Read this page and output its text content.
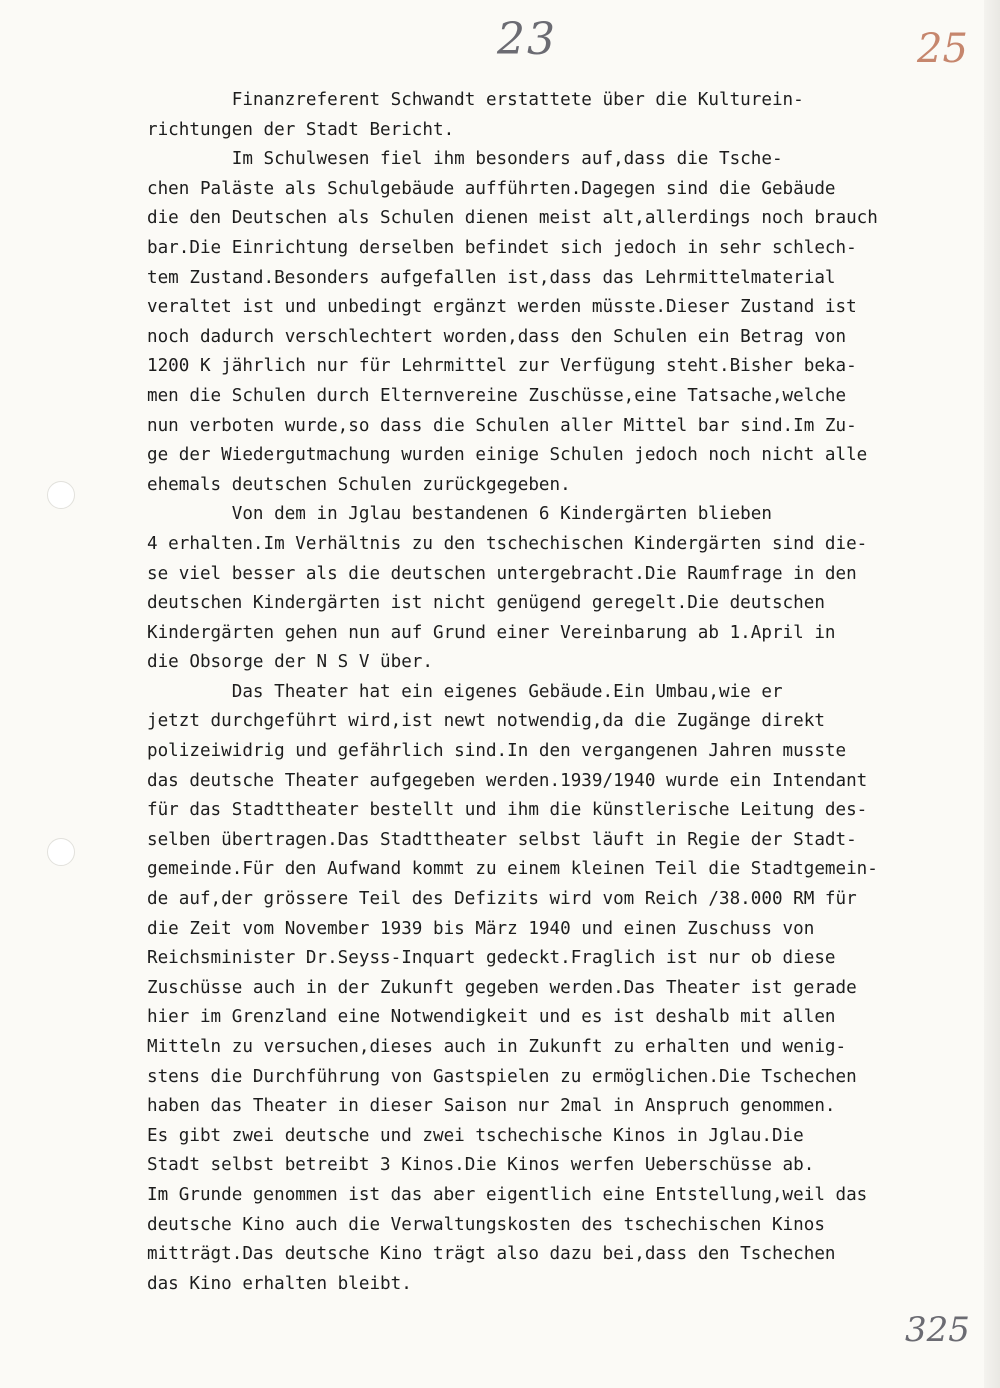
23	25
325
Finanzreferent Schwandt erstattete über die Kulturein-
richtungen der Stadt Bericht.
Im Schulwesen fiel ihm besonders auf,dass die Tsche-
chen Paläste als Schulgebäude aufführten.Dagegen sind die Gebäude
die den Deutschen als Schulen dienen meist alt,allerdings noch brauch
bar.Die Einrichtung derselben befindet sich jedoch in sehr schlech-
tem Zustand.Besonders aufgefallen ist,dass das Lehrmittelmaterial
veraltet ist und unbedingt ergänzt werden müsste.Dieser Zustand ist
noch dadurch verschlechtert worden,dass den Schulen ein Betrag von
1200 K jährlich nur für Lehrmittel zur Verfügung steht.Bisher beka-
men die Schulen durch Elternvereine Zuschüsse,eine Tatsache,welche
nun verboten wurde,so dass die Schulen aller Mittel bar sind.Im Zu-
ge der Wiedergutmachung wurden einige Schulen jedoch noch nicht alle
ehemals deutschen Schulen zurückgegeben.
Von dem in Jglau bestandenen 6 Kindergärten blieben
4 erhalten.Im Verhältnis zu den tschechischen Kindergärten sind die-
se viel besser als die deutschen untergebracht.Die Raumfrage in den
deutschen Kindergärten ist nicht genügend geregelt.Die deutschen
Kindergärten gehen nun auf Grund einer Vereinbarung ab 1.April in
die Obsorge der N S V über.
Das Theater hat ein eigenes Gebäude.Ein Umbau,wie er
jetzt durchgeführt wird,ist newt notwendig,da die Zugänge direkt
polizeiwidrig und gefährlich sind.In den vergangenen Jahren musste
das deutsche Theater aufgegeben werden.1939/1940 wurde ein Intendant
für das Stadttheater bestellt und ihm die künstlerische Leitung des-
selben übertragen.Das Stadttheater selbst läuft in Regie der Stadt-
gemeinde.Für den Aufwand kommt zu einem kleinen Teil die Stadtgemein-
de auf,der grössere Teil des Defizits wird vom Reich /38.000 RM für
die Zeit vom November 1939 bis März 1940 und einen Zuschuss von
Reichsminister Dr.Seyss-Inquart gedeckt.Fraglich ist nur ob diese
Zuschüsse auch in der Zukunft gegeben werden.Das Theater ist gerade
hier im Grenzland eine Notwendigkeit und es ist deshalb mit allen
Mitteln zu versuchen,dieses auch in Zukunft zu erhalten und wenig-
stens die Durchführung von Gastspielen zu ermöglichen.Die Tschechen
haben das Theater in dieser Saison nur 2mal in Anspruch genommen.
Es gibt zwei deutsche und zwei tschechische Kinos in Jglau.Die
Stadt selbst betreibt 3 Kinos.Die Kinos werfen Ueberschüsse ab.
Im Grunde genommen ist das aber eigentlich eine Entstellung,weil das
deutsche Kino auch die Verwaltungskosten des tschechischen Kinos
mitträgt.Das deutsche Kino trägt also dazu bei,dass den Tschechen
das Kino erhalten bleibt.
